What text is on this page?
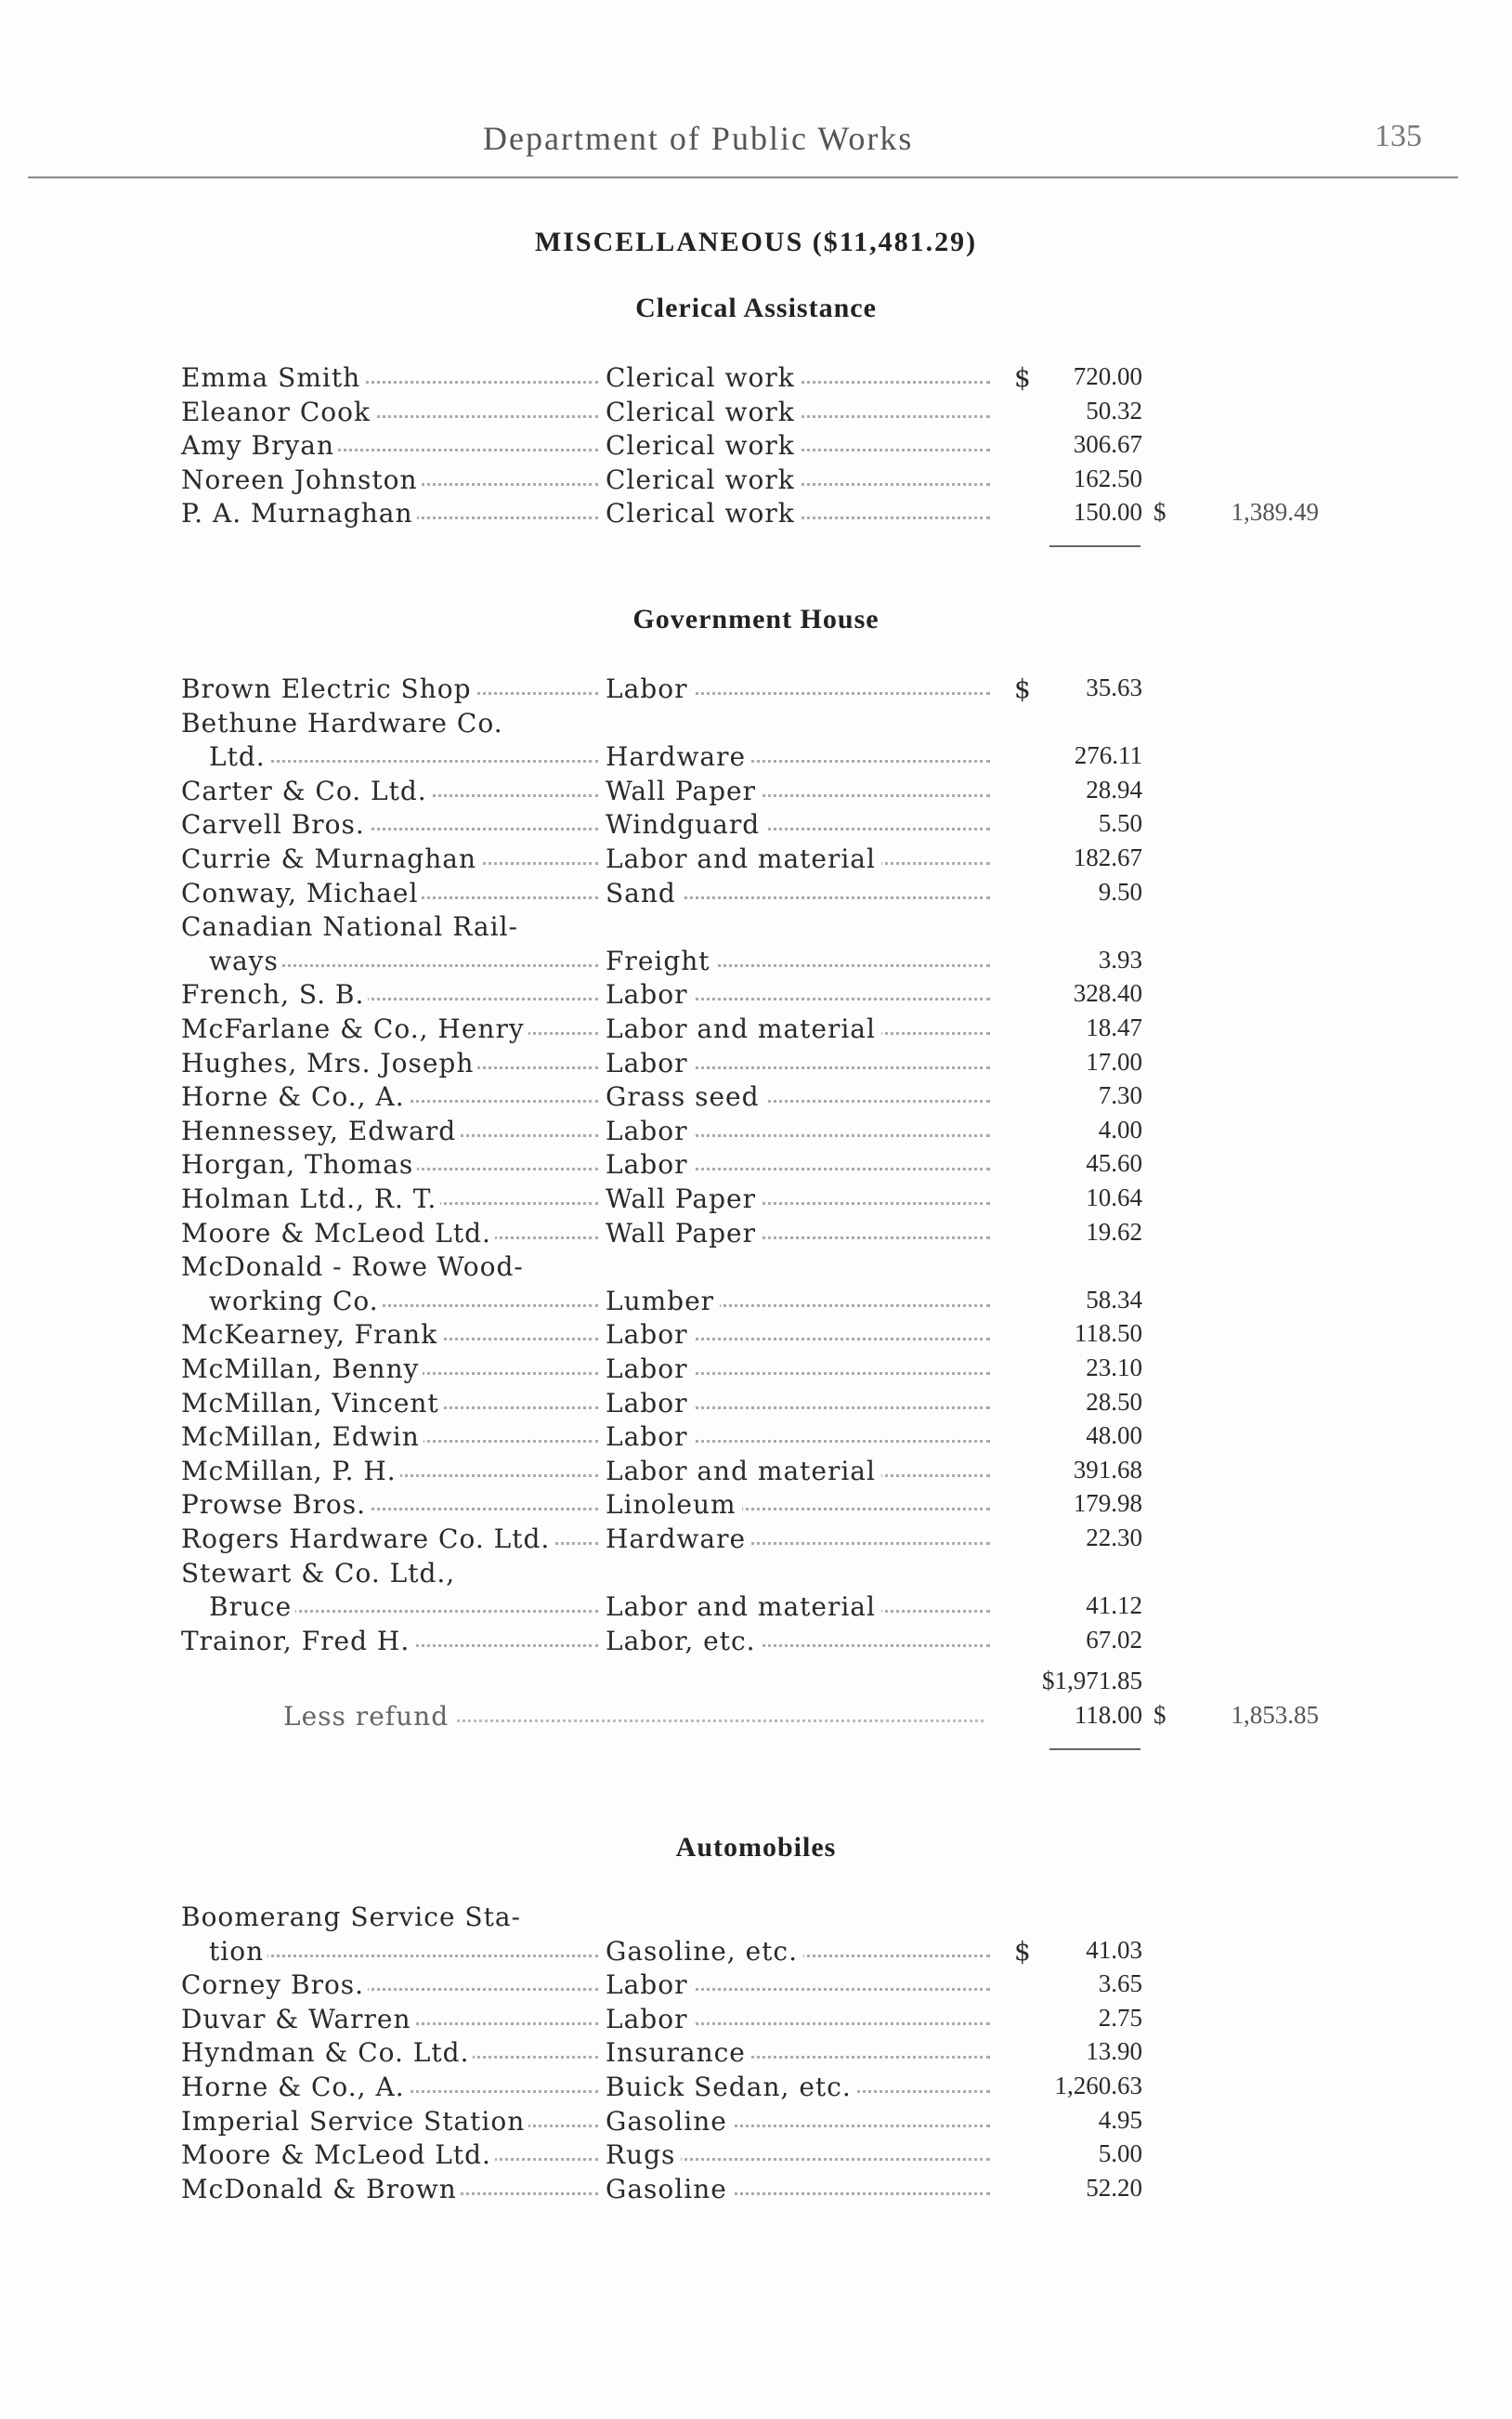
Department of Public Works	135
MISCELLANEOUS ($11,481.29)
Clerical Assistance
Emma Smith	Clerical work	$	720.00
Eleanor Cook	Clerical work	50.32
Amy Bryan	Clerical work	306.67
Noreen Johnston	Clerical work	162.50
P. A. Murnaghan	Clerical work	150.00 $	1,389.49
Government House
Brown Electric Shop	Labor	$	35.63
Bethune Hardware Co.
Ltd.	Hardware	276.11
Carter & Co. Ltd.	Wall Paper	28.94
Carvell Bros.	Windguard	5.50
Currie & Murnaghan	Labor and material	182.67
Conway, Michael	Sand	9.50
Canadian National Rail-
ways	Freight	3.93
French, S. B.	Labor	328.40
McFarlane & Co., Henry	Labor and material	18.47
Hughes, Mrs. Joseph	Labor	17.00
Horne & Co., A.	Grass seed	7.30
Hennessey, Edward	Labor	4.00
Horgan, Thomas	Labor	45.60
Holman Ltd., R. T.	Wall Paper	10.64
Moore & McLeod Ltd.	Wall Paper	19.62
McDonald - Rowe Wood-
working Co.	Lumber	58.34
McKearney, Frank	Labor	118.50
McMillan, Benny	Labor	23.10
McMillan, Vincent	Labor	28.50
McMillan, Edwin	Labor	48.00
McMillan, P. H.	Labor and material	391.68
Prowse Bros.	Linoleum	179.98
Rogers Hardware Co. Ltd.	Hardware	22.30
Stewart & Co. Ltd.,
Bruce	Labor and material	41.12
Trainor, Fred H.	Labor, etc.	67.02
$1,971.85
Less refund	118.00 $	1,853.85
Automobiles
Boomerang Service Sta-
tion	Gasoline, etc.	$	41.03
Corney Bros.	Labor	3.65
Duvar & Warren	Labor	2.75
Hyndman & Co. Ltd.	Insurance	13.90
Horne & Co., A.	Buick Sedan, etc.	1,260.63
Imperial Service Station	Gasoline	4.95
Moore & McLeod Ltd.	Rugs	5.00
McDonald & Brown	Gasoline	52.20
